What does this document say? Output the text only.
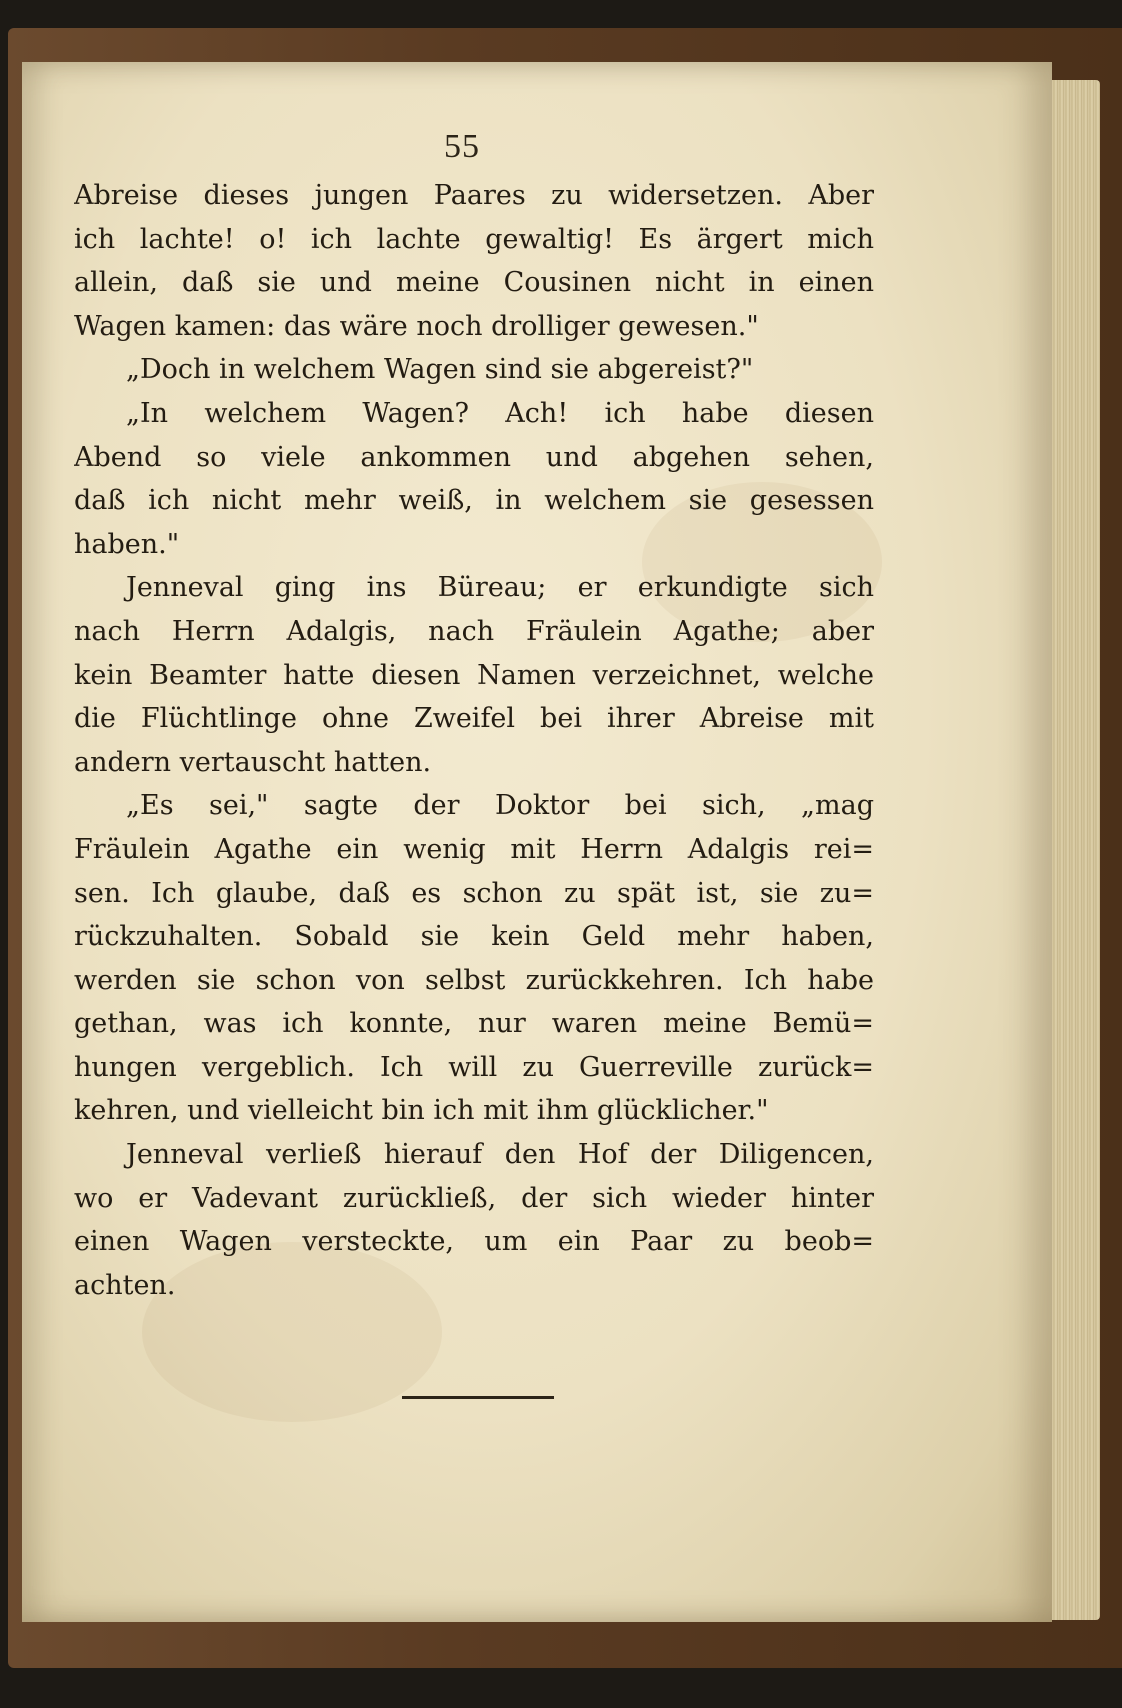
55
Abreise dieses jungen Paares zu widersetzen. Aber
ich lachte! o! ich lachte gewaltig! Es ärgert mich
allein, daß sie und meine Cousinen nicht in einen
Wagen kamen: das wäre noch drolliger gewesen."
„Doch in welchem Wagen sind sie abgereist?"
„In welchem Wagen? Ach! ich habe diesen
Abend so viele ankommen und abgehen sehen,
daß ich nicht mehr weiß, in welchem sie gesessen
haben."
Jenneval ging ins Büreau; er erkundigte sich
nach Herrn Adalgis, nach Fräulein Agathe; aber
kein Beamter hatte diesen Namen verzeichnet, welche
die Flüchtlinge ohne Zweifel bei ihrer Abreise mit
andern vertauscht hatten.
„Es sei," sagte der Doktor bei sich, „mag
Fräulein Agathe ein wenig mit Herrn Adalgis rei=
sen. Ich glaube, daß es schon zu spät ist, sie zu=
rückzuhalten. Sobald sie kein Geld mehr haben,
werden sie schon von selbst zurückkehren. Ich habe
gethan, was ich konnte, nur waren meine Bemü=
hungen vergeblich. Ich will zu Guerreville zurück=
kehren, und vielleicht bin ich mit ihm glücklicher."
Jenneval verließ hierauf den Hof der Diligencen,
wo er Vadevant zurückließ, der sich wieder hinter
einen Wagen versteckte, um ein Paar zu beob=
achten.
